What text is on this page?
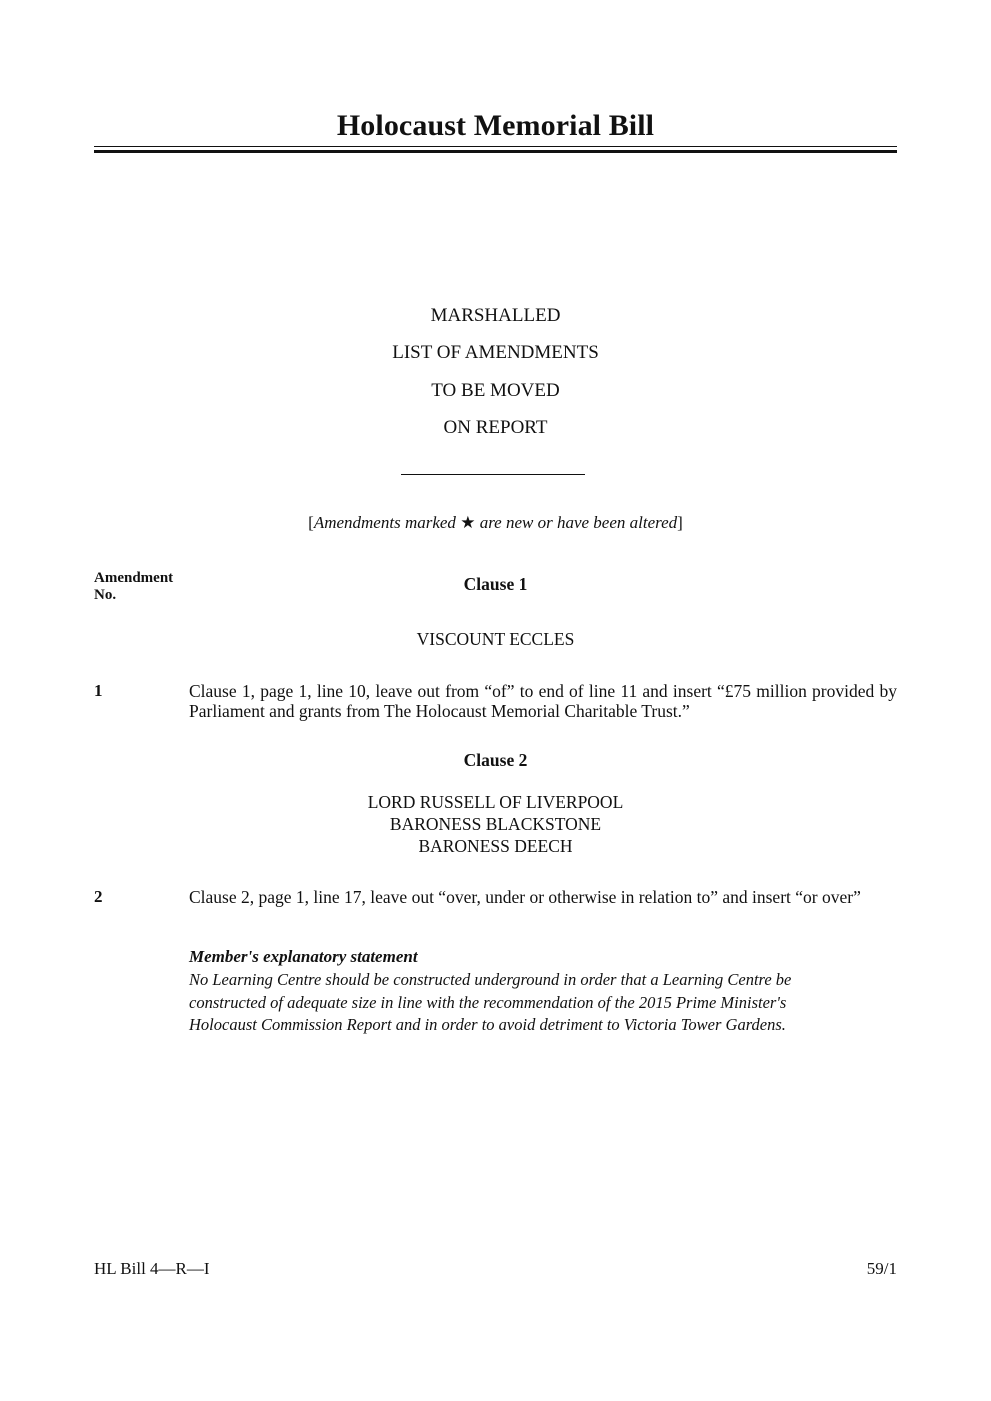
Holocaust Memorial Bill
MARSHALLED
LIST OF AMENDMENTS
TO BE MOVED
ON REPORT
[Amendments marked ★ are new or have been altered]
Amendment
No.
Clause 1
VISCOUNT ECCLES
1	Clause 1, page 1, line 10, leave out from “of” to end of line 11 and insert “£75 million provided by Parliament and grants from The Holocaust Memorial Charitable Trust.”
Clause 2
LORD RUSSELL OF LIVERPOOL
BARONESS BLACKSTONE
BARONESS DEECH
2	Clause 2, page 1, line 17, leave out “over, under or otherwise in relation to” and insert “or over”
Member's explanatory statement
No Learning Centre should be constructed underground in order that a Learning Centre be
constructed of adequate size in line with the recommendation of the 2015 Prime Minister's
Holocaust Commission Report and in order to avoid detriment to Victoria Tower Gardens.
HL Bill 4—R—I	59/1
